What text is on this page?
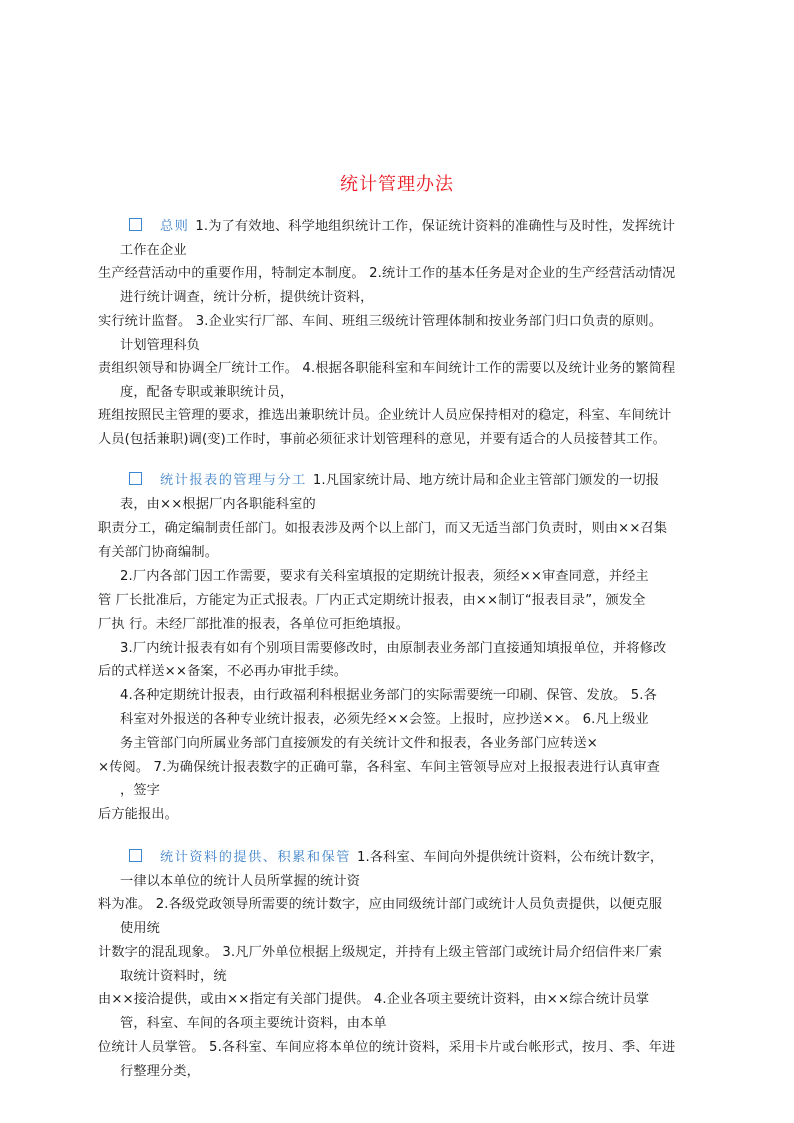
统计管理办法
总则 1.为了有效地、科学地组织统计工作，保证统计资料的准确性与及时性，发挥统计
工作在企业
生产经营活动中的重要作用，特制定本制度。 2.统计工作的基本任务是对企业的生产经营活动情况
进行统计调查，统计分析，提供统计资料，
实行统计监督。 3.企业实行厂部、车间、班组三级统计管理体制和按业务部门归口负责的原则。
计划管理科负
责组织领导和协调全厂统计工作。 4.根据各职能科室和车间统计工作的需要以及统计业务的繁简程
度，配备专职或兼职统计员，
班组按照民主管理的要求，推选出兼职统计员。企业统计人员应保持相对的稳定，科室、车间统计
人员(包括兼职)调(变)工作时，事前必须征求计划管理科的意见，并要有适合的人员接替其工作。
统计报表的管理与分工 1.凡国家统计局、地方统计局和企业主管部门颁发的一切报
表，由××根据厂内各职能科室的
职责分工，确定编制责任部门。如报表涉及两个以上部门，而又无适当部门负责时，则由××召集
有关部门协商编制。
2.厂内各部门因工作需要，要求有关科室填报的定期统计报表，须经××审查同意，并经主
管 厂长批准后，方能定为正式报表。厂内正式定期统计报表，由××制订“报表目录”，颁发全
厂执 行。未经厂部批准的报表，各单位可拒绝填报。
3.厂内统计报表有如有个别项目需要修改时，由原制表业务部门直接通知填报单位，并将修改
后的式样送××备案，不必再办审批手续。
4.各种定期统计报表，由行政福利科根据业务部门的实际需要统一印刷、保管、发放。 5.各
科室对外报送的各种专业统计报表，必须先经××会签。上报时，应抄送××。 6.凡上级业
务主管部门向所属业务部门直接颁发的有关统计文件和报表，各业务部门应转送×
×传阅。 7.为确保统计报表数字的正确可靠，各科室、车间主管领导应对上报报表进行认真审查
，签字
后方能报出。
统计资料的提供、积累和保管 1.各科室、车间向外提供统计资料，公布统计数字，
一律以本单位的统计人员所掌握的统计资
料为准。 2.各级党政领导所需要的统计数字，应由同级统计部门或统计人员负责提供，以便克服
使用统
计数字的混乱现象。 3.凡厂外单位根据上级规定，并持有上级主管部门或统计局介绍信件来厂索
取统计资料时，统
由××接洽提供，或由××指定有关部门提供。 4.企业各项主要统计资料，由××综合统计员掌
管，科室、车间的各项主要统计资料，由本单
位统计人员掌管。 5.各科室、车间应将本单位的统计资料，采用卡片或台帐形式，按月、季、年进
行整理分类，
